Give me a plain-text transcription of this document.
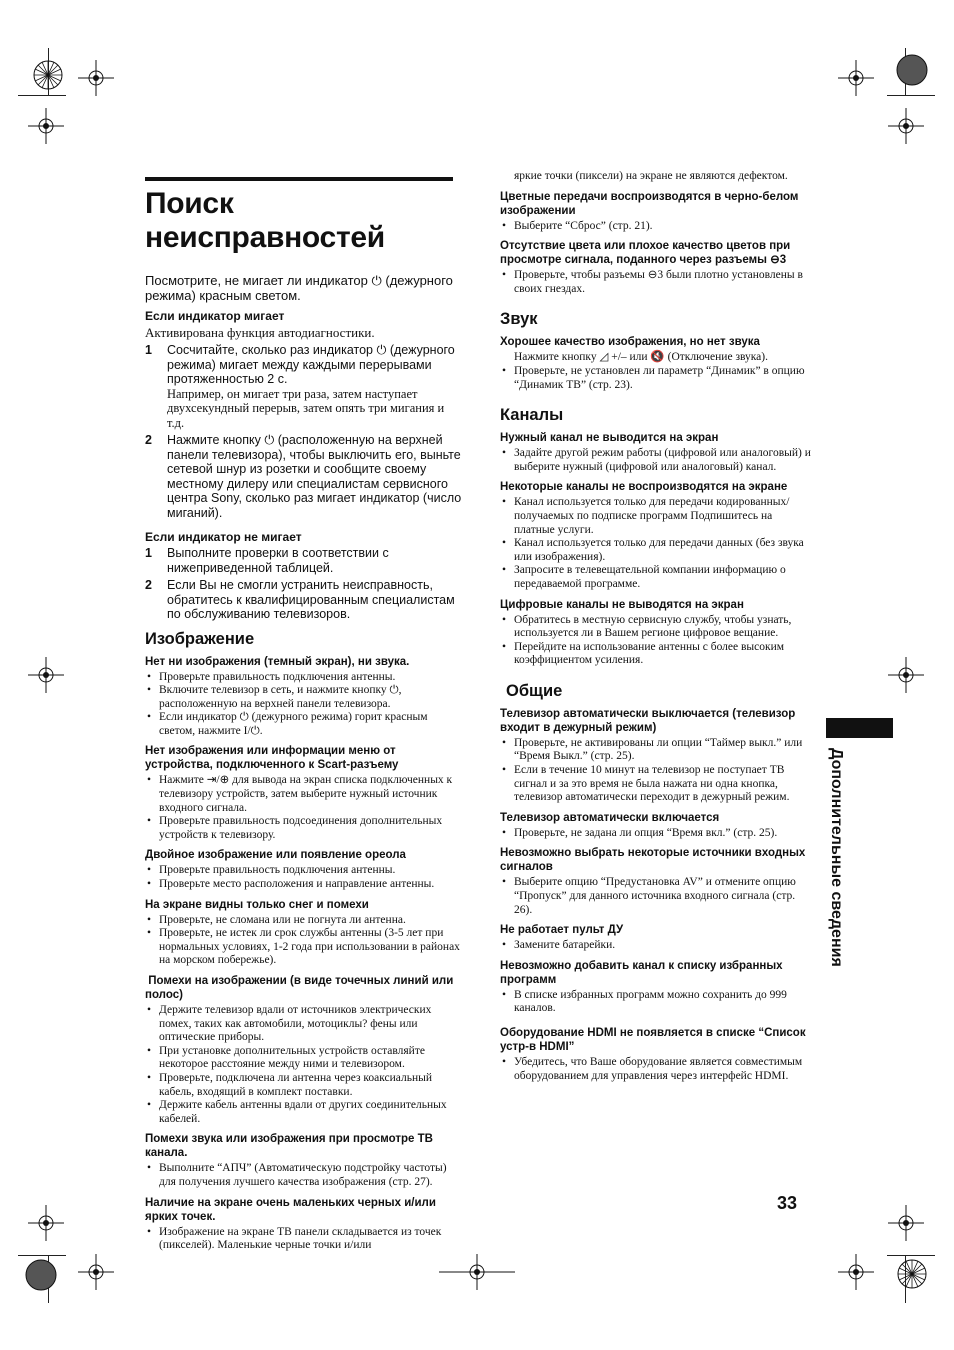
Поиск неисправностей

Посмотрите, не мигает ли индикатор ⏻ (дежурного режима) красным светом.

Если индикатор мигает

Активирована функция автодиагностики.

1 Сосчитайте, сколько раз индикатор ⏻ (дежурного режима) мигает между каждыми перерывами протяженностью 2 с.
Например, он мигает три раза, затем наступает двухсекундный перерыв, затем опять три мигания и т.д.
2 Нажмите кнопку ⏻ (расположенную на верхней панели телевизора), чтобы выключить его, выньте сетевой шнур из розетки и сообщите своему местному дилеру или специалистам сервисного центра Sony, сколько раз мигает индикатор (число миганий).
Если индикатор не мигает
1 Выполните проверки в соответствии с нижеприведенной таблицей.
2 Если Вы не смогли устранить неисправность, обратитесь к квалифицированным специалистам по обслуживанию телевизоров.
Изображение
Нет ни изображения (темный экран), ни звука.
• Проверьте правильность подключения антенны.
• Включите телевизор в сеть, и нажмите кнопку ⏻, расположенную на верхней панели телевизора.
• Если индикатор ⏻ (дежурного режима) горит красным светом, нажмите I/⏻.
Нет изображения или информации меню от устройства, подключенного к Scart-разъему
• Нажмите ⇥/⊕ для вывода на экран списка подключенных к телевизору устройств, затем выберите нужный источник входного сигнала.
• Проверьте правильность подсоединения дополнительных устройств к телевизору.
Двойное изображение или появление ореола
• Проверьте правильность подключения антенны.
• Проверьте место расположения и направление антенны.
На экране видны только снег и помехи
• Проверьте, не сломана или не погнута ли антенна.
• Проверьте, не истек ли срок службы антенны (3-5 лет при нормальных условиях, 1-2 года при использовании в районах на морском побережье).
Помехи на изображении (в виде точечных линий или полос)
• Держите телевизор вдали от источников электрических помех, таких как автомобили, мотоциклы? фены или оптические приборы.
• При установке дополнительных устройств оставляйте некоторое расстояние между ними и телевизором.
• Проверьте, подключена ли антенна через коаксиальный кабель, входящий в комплект поставки.
• Держите кабель антенны вдали от других соединительных кабелей.
Помехи звука или изображения при просмотре ТВ канала.
• Выполните “АПЧ” (Автоматическую подстройку частоты) для получения лучшего качества изображения (стр. 27).
Наличие на экране очень маленьких черных и/или ярких точек.
• Изображение на экране ТВ панели складывается из точек (пикселей). Маленькие черные точки и/или

яркие точки (пиксели) на экране не являются дефектом.

Цветные передачи воспроизводятся в черно-белом изображении
• Выберите “Сброс” (стр. 21).
Отсутствие цвета или плохое качество цветов при просмотре сигнала, поданного через разъемы ⊖3
• Проверьте, чтобы разъемы ⊖3 были плотно установлены в своих гнездах.
Звук
Хорошее качество изображения, но нет звука

Нажмите кнопку ◿ +/– или 🔇 (Отключение звука).

• Проверьте, не установлен ли параметр “Динамик” в опцию “Динамик ТВ” (стр. 23).
Каналы
Нужный канал не выводится на экран
• Задайте другой режим работы (цифровой или аналоговый) и выберите нужный (цифровой или аналоговый) канал.
Некоторые каналы не воспроизводятся на экране
• Канал используется только для передачи кодированных/получаемых по подписке программ Подпишитесь на платные услуги.
• Канал используется только для передачи данных (без звука или изображения).
• Запросите в телевещательной компании информацию о передаваемой программе.
Цифровые каналы не выводятся на экран
• Обратитесь в местную сервисную службу, чтобы узнать, используется ли в Вашем регионе цифровое вещание.
• Перейдите на использование антенны с более высоким коэффициентом усиления.
Общие
Телевизор автоматически выключается (телевизор входит в дежурный режим)
• Проверьте, не активированы ли опции “Таймер выкл.” или “Время Выкл.” (стр. 25).
• Если в течение 10 минут на телевизор не поступает ТВ сигнал и за это время не была нажата ни одна кнопка, телевизор автоматически переходит в дежурный режим.
Телевизор автоматически включается
• Проверьте, не задана ли опция “Время вкл.” (стр. 25).
Невозможно выбрать некоторые источники входных сигналов
• Выберите опцию “Предустановка AV” и отмените опцию “Пропуск” для данного источника входного сигнала (стр. 26).
Не работает пульт ДУ
• Замените батарейки.
Невозможно добавить канал к списку избранных программ
• В списке избранных программ можно сохранить до 999 каналов.
Оборудование HDMI не появляется в списке “Список устр-в HDMI”
• Убедитесь, что Ваше оборудование является совместимым оборудованием для управления через интерфейс HDMI.
Дополнительные сведения
33
